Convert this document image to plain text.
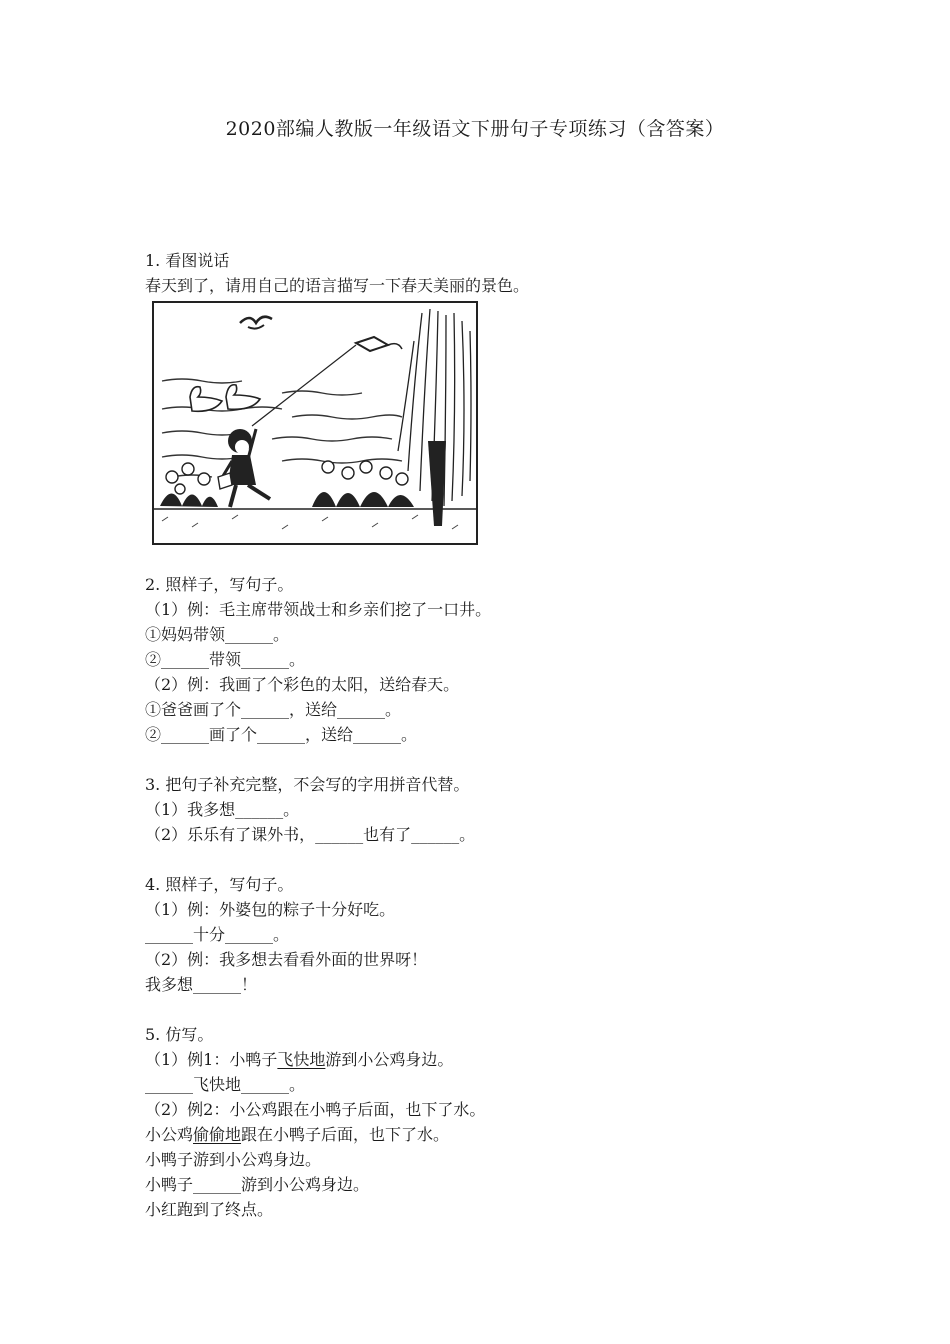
2020部编人教版一年级语文下册句子专项练习（含答案）
1. 看图说话
春天到了，请用自己的语言描写一下春天美丽的景色。
2. 照样子，写句子。
（1）例：毛主席带领战士和乡亲们挖了一口井。
①妈妈带领______。
②______带领______。
（2）例：我画了个彩色的太阳，送给春天。
①爸爸画了个______，送给______。
②______画了个______，送给______。
3. 把句子补充完整，不会写的字用拼音代替。
（1）我多想______。
（2）乐乐有了课外书，______也有了______。
4. 照样子，写句子。
（1）例：外婆包的粽子十分好吃。
______十分______。
（2）例：我多想去看看外面的世界呀！
我多想______！
5. 仿写。
（1）例1：小鸭子飞快地游到小公鸡身边。
______飞快地______。
（2）例2：小公鸡跟在小鸭子后面，也下了水。
小公鸡偷偷地跟在小鸭子后面，也下了水。
小鸭子游到小公鸡身边。
小鸭子______游到小公鸡身边。
小红跑到了终点。
